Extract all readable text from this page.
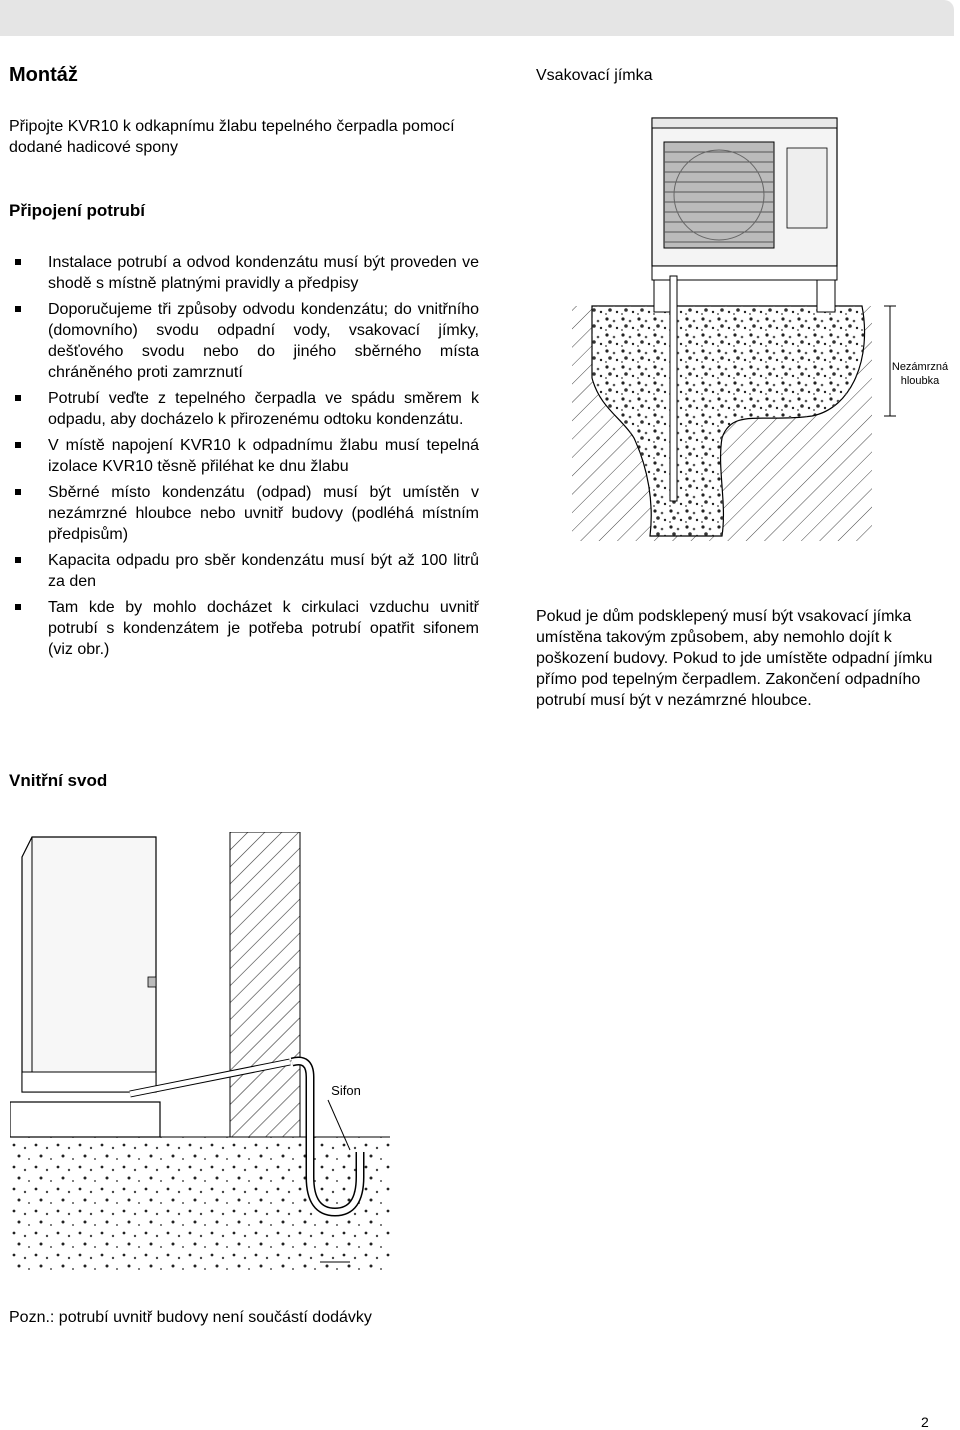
Montáž	Vsakovací jímka
Připojte KVR10 k odkapnímu žlabu tepelného čerpadla pomocí dodané hadicové spony
Připojení potrubí
Instalace potrubí a odvod kondenzátu musí být proveden ve shodě s místně platnými pravidly a předpisy
Doporučujeme tři způsoby odvodu kondenzátu; do vnitřního (domovního) svodu odpadní vody, vsakovací jímky, dešťového svodu nebo do jiného sběrného místa chráněného proti zamrznutí
Potrubí veďte z tepelného čerpadla ve spádu směrem k odpadu, aby docházelo k přirozenému odtoku kondenzátu.
V místě napojení KVR10 k odpadnímu žlabu musí tepelná izolace KVR10 těsně přiléhat ke dnu žlabu
Sběrné místo kondenzátu (odpad) musí být umístěn v nezámrzné hloubce nebo uvnitř budovy (podléhá místním předpisům)
Kapacita odpadu pro sběr kondenzátu musí být až 100 litrů za den
Tam kde by mohlo docházet k cirkulaci vzduchu uvnitř potrubí s kondenzátem je potřeba potrubí opatřit sifonem (viz obr.)
Nezámrzná
hloubka
Pokud je dům podsklepený musí být vsakovací jímka umístěna takovým způsobem, aby nemohlo dojít k poškození budovy. Pokud to jde umístěte odpadní jímku přímo pod tepelným čerpadlem. Zakončení odpadního potrubí musí být v nezámrzné hloubce.
Vnitřní svod
Sifon
Pozn.: potrubí uvnitř budovy není součástí dodávky
2
